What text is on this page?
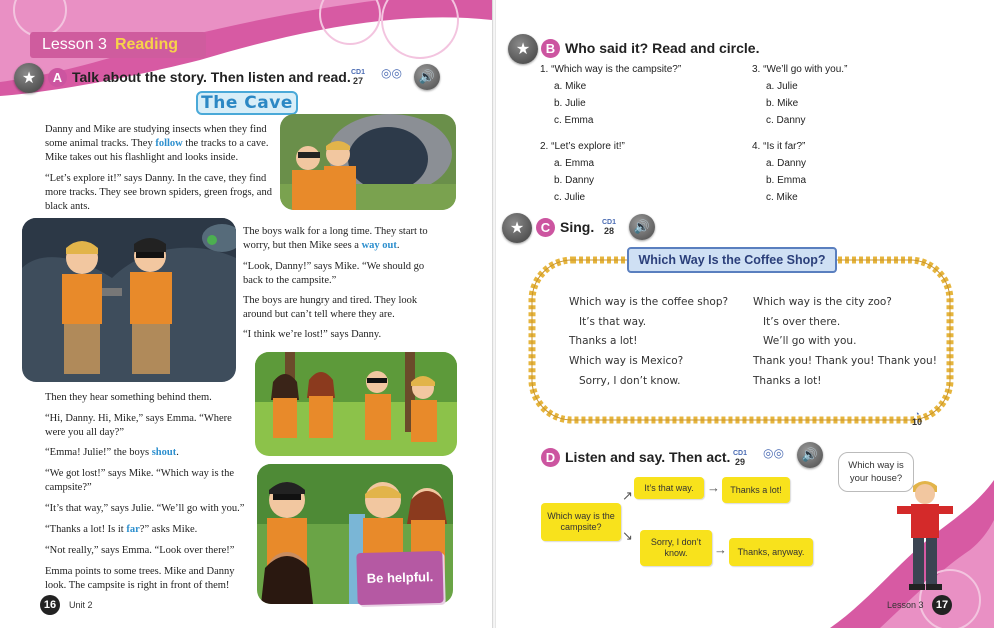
Lesson 3 Reading
★	A Talk about the story. Then listen and read. CD1
27
◎◎	🔊
The Cave
Danny and Mike are studying insects when they find some animal tracks. They follow the tracks to a cave. Mike takes out his flashlight and looks inside.
“Let’s explore it!” says Danny. In the cave, they find more tracks. They see brown spiders, green frogs, and black ants.
The boys walk for a long time. They start to worry, but then Mike sees a way out.
“Look, Danny!” says Mike. “We should go back to the campsite.”
The boys are hungry and tired. They look around but can’t tell where they are.
“I think we’re lost!” says Danny.
Then they hear something behind them.
“Hi, Danny. Hi, Mike,” says Emma. “Where were you all day?”
“Emma! Julie!” the boys shout.
“We got lost!” says Mike. “Which way is the campsite?”
“It’s that way,” says Julie. “We’ll go with you.”
“Thanks a lot! Is it far?” asks Mike.
“Not really,” says Emma. “Look over there!”
Emma points to some trees. Mike and Danny look. The campsite is right in front of them!	Be helpful.
16	Unit 2
★	B Who said it? Read and circle.
1. “Which way is the campsite?”
a. Mike
b. Julie
c. Emma
2. “Let’s explore it!”
a. Emma
b. Danny
c. Julie
3. “We’ll go with you.”
a. Julie
b. Mike
c. Danny
4. “Is it far?”
a. Danny
b. Emma
c. Mike
★	C Sing. CD1
28	🔊
Which Way Is the Coffee Shop?
Which way is the coffee shop?
It’s that way.
Thanks a lot!
Which way is Mexico?
Sorry, I don’t know.
Which way is the city zoo?
It’s over there.
We’ll go with you.
Thank you! Thank you! Thank you!
Thanks a lot!
◔
10
D Listen and say. Then act. CD1
29
◎◎	🔊
Which way is the campsite?
↗
↘
It’s that way.	→	Thanks a lot!
Sorry, I don’t know.	→	Thanks, anyway.
Which way is your house?
Lesson 3	17
